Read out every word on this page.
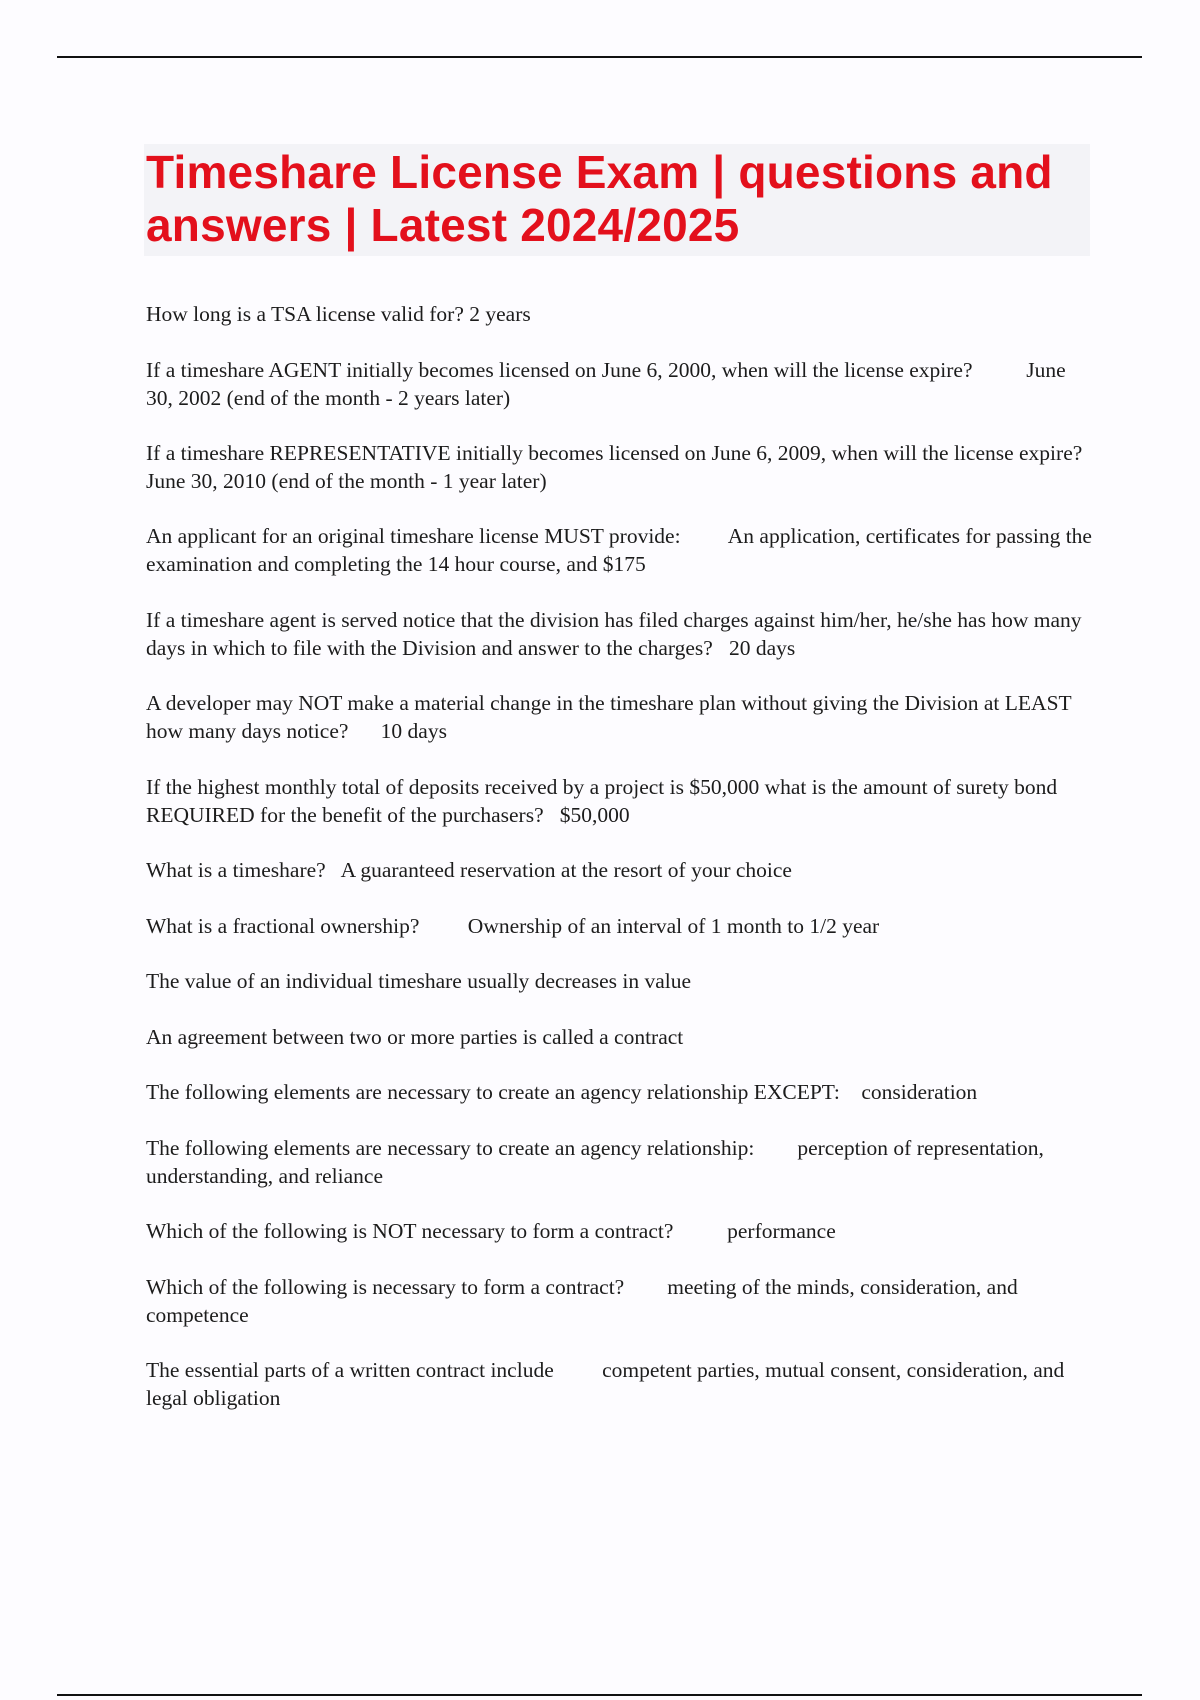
Timeshare License Exam | questions and answers | Latest 2024/2025
How long is a TSA license valid for? 2 years
If a timeshare AGENT initially becomes licensed on June 6, 2000, when will the license expire?	June 30, 2002 (end of the month - 2 years later)
If a timeshare REPRESENTATIVE initially becomes licensed on June 6, 2009, when will the license expire?June 30, 2010 (end of the month - 1 year later)
An applicant for an original timeshare license MUST provide: An application, certificates for passing the examination and completing the 14 hour course, and $175
If a timeshare agent is served notice that the division has filed charges against him/her, he/she has how many days in which to file with the Division and answer to the charges? 20 days
A developer may NOT make a material change in the timeshare plan without giving the Division at LEAST how many days notice? 10 days
If the highest monthly total of deposits received by a project is $50,000 what is the amount of surety bond REQUIRED for the benefit of the purchasers? $50,000
What is a timeshare? A guaranteed reservation at the resort of your choice
What is a fractional ownership? Ownership of an interval of 1 month to 1/2 year
The value of an individual timeshare usually decreases in value
An agreement between two or more parties is called a contract
The following elements are necessary to create an agency relationship EXCEPT: consideration
The following elements are necessary to create an agency relationship: perception of representation, understanding, and reliance
Which of the following is NOT necessary to form a contract?	performance
Which of the following is necessary to form a contract? meeting of the minds, consideration, and competence
The essential parts of a written contract include competent parties, mutual consent, consideration, and legal obligation
